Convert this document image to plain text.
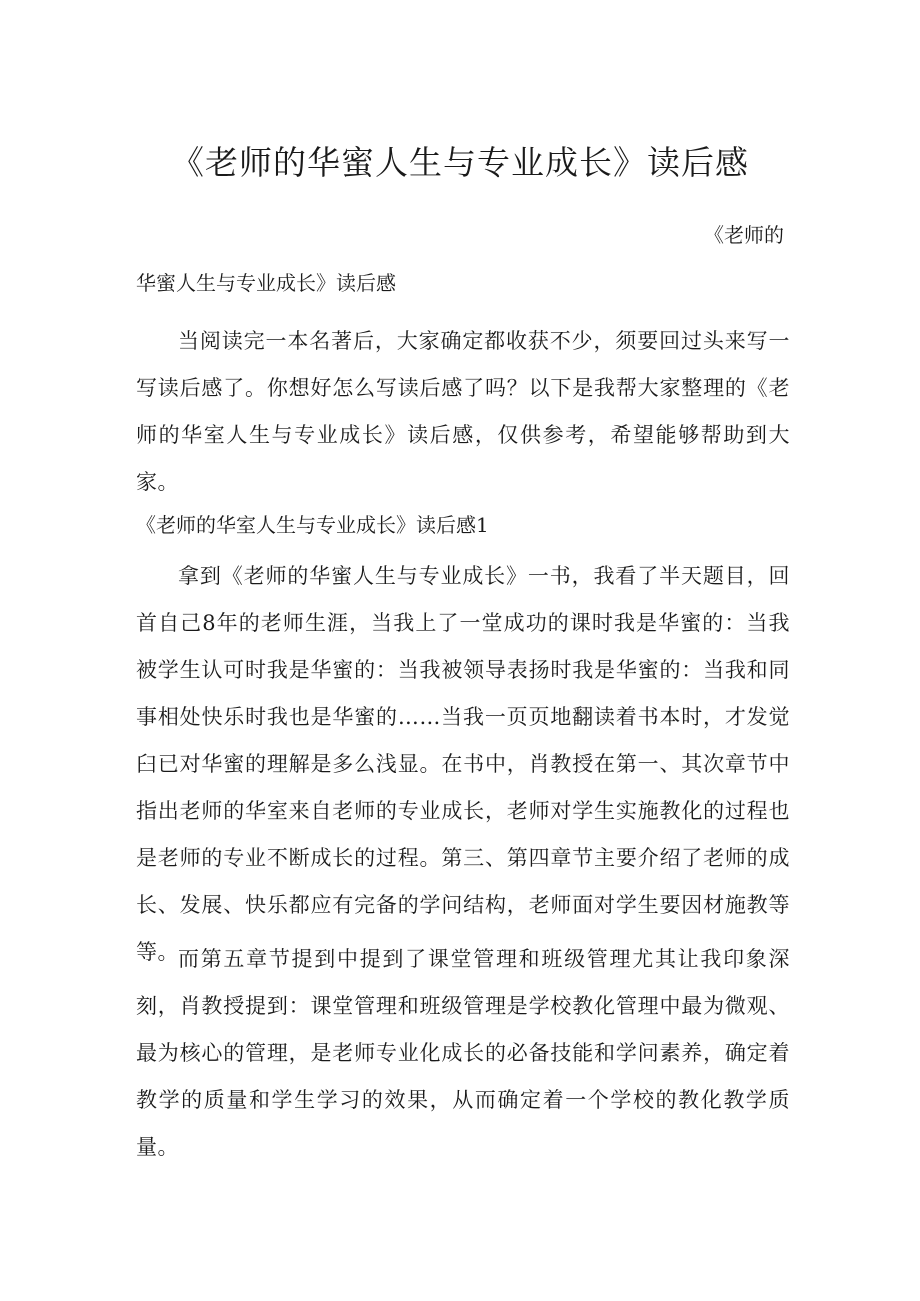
《老师的华蜜人生与专业成长》读后感
《老师的
华蜜人生与专业成长》读后感

当阅读完一本名著后，大家确定都收获不少，须要回过头来写一写读后感了。你想好怎么写读后感了吗？以下是我帮大家整理的《老师的华室人生与专业成长》读后感，仅供参考，希望能够帮助到大家。

《老师的华室人生与专业成长》读后感1

拿到《老师的华蜜人生与专业成长》一书，我看了半天题目，回首自己8年的老师生涯，当我上了一堂成功的课时我是华蜜的：当我被学生认可时我是华蜜的：当我被领导表扬时我是华蜜的：当我和同事相处快乐时我也是华蜜的……当我一页页地翻读着书本时，才发觉臼已对华蜜的理解是多么浅显。在书中，肖教授在第一、其次章节中指出老师的华室来自老师的专业成长，老师对学生实施教化的过程也是老师的专业不断成长的过程。第三、第四章节主要介绍了老师的成长、发展、快乐都应有完备的学问结构，老师面对学生要因材施教等等。 而第五章节提到中提到了课堂管理和班级管理尤其让我印象深刻，肖教授提到：课堂管理和班级管理是学校教化管理中最为微观、最为核心的管理，是老师专业化成长的必备技能和学问素养，确定着教学的质量和学生学习的效果，从而确定着一个学校的教化教学质量。
